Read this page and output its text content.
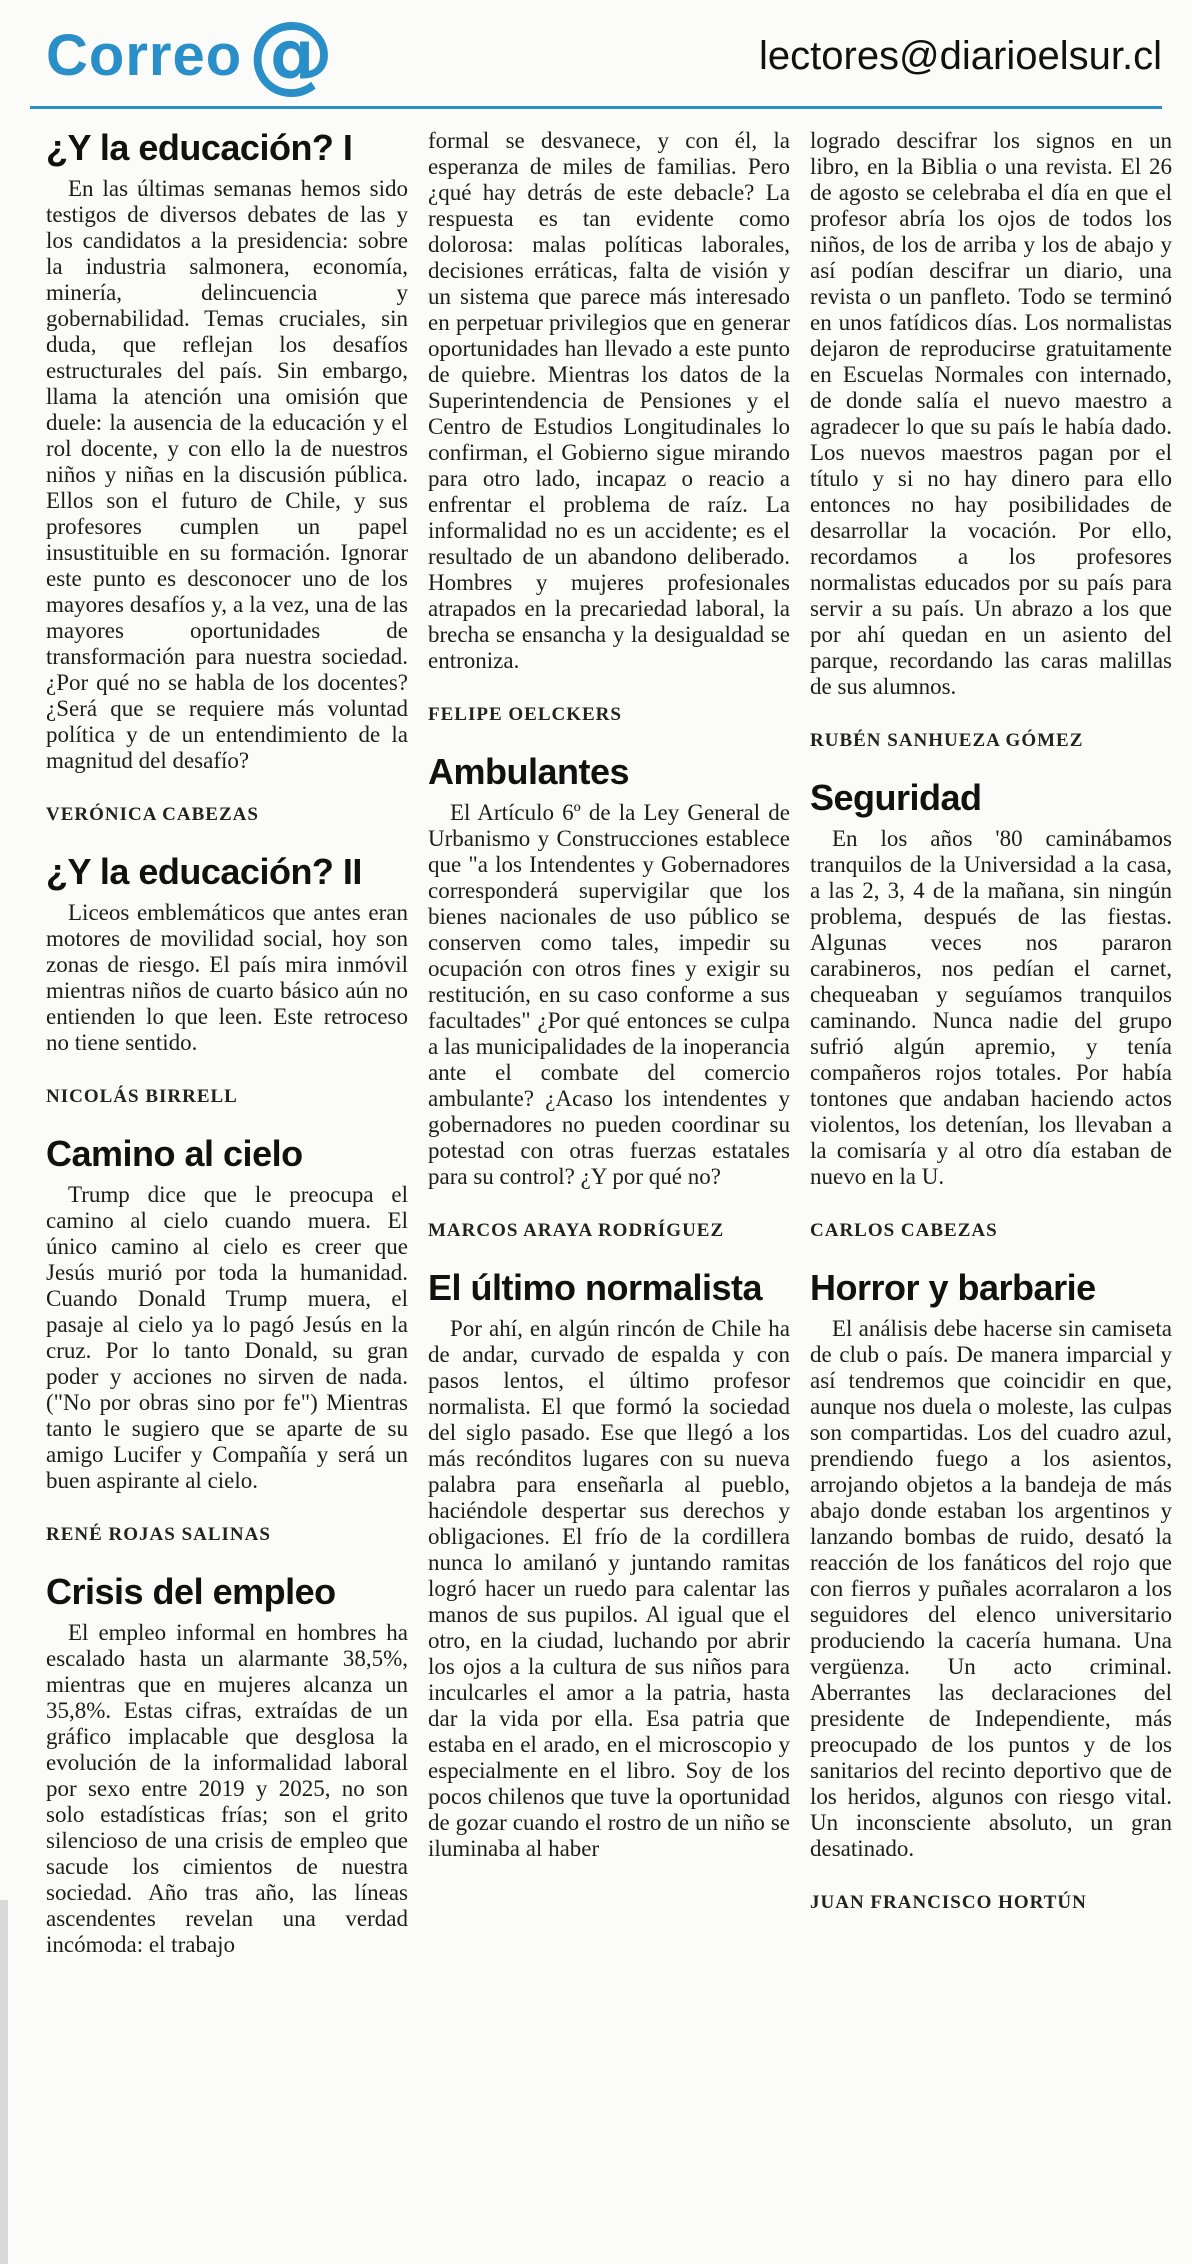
Correo @	lectores@diarioelsur.cl
¿Y la educación? I

En las últimas semanas hemos sido testigos de diversos debates de las y los candidatos a la presidencia: sobre la industria salmonera, economía, minería, delincuencia y gobernabilidad. Temas cruciales, sin duda, que reflejan los desafíos estructurales del país. Sin embargo, llama la atención una omisión que duele: la ausencia de la educación y el rol docente, y con ello la de nuestros niños y niñas en la discusión pública. Ellos son el futuro de Chile, y sus profesores cumplen un papel insustituible en su formación. Ignorar este punto es desconocer uno de los mayores desafíos y, a la vez, una de las mayores oportunidades de transformación para nuestra sociedad. ¿Por qué no se habla de los docentes? ¿Será que se requiere más voluntad política y de un entendimiento de la magnitud del desafío?

VERÓNICA CABEZAS
¿Y la educación? II

Liceos emblemáticos que antes eran motores de movilidad social, hoy son zonas de riesgo. El país mira inmóvil mientras niños de cuarto básico aún no entienden lo que leen. Este retroceso no tiene sentido.

NICOLÁS BIRRELL
Camino al cielo

Trump dice que le preocupa el camino al cielo cuando muera. El único camino al cielo es creer que Jesús murió por toda la humanidad. Cuando Donald Trump muera, el pasaje al cielo ya lo pagó Jesús en la cruz. Por lo tanto Donald, su gran poder y acciones no sirven de nada. ("No por obras sino por fe") Mientras tanto le sugiero que se aparte de su amigo Lucifer y Compañía y será un buen aspirante al cielo.

RENÉ ROJAS SALINAS
Crisis del empleo

El empleo informal en hombres ha escalado hasta un alarmante 38,5%, mientras que en mujeres alcanza un 35,8%. Estas cifras, extraídas de un gráfico implacable que desglosa la evolución de la informalidad laboral por sexo entre 2019 y 2025, no son solo estadísticas frías; son el grito silencioso de una crisis de empleo que sacude los cimientos de nuestra sociedad. Año tras año, las líneas ascendentes revelan una verdad incómoda: el trabajo

formal se desvanece, y con él, la esperanza de miles de familias. Pero ¿qué hay detrás de este debacle? La respuesta es tan evidente como dolorosa: malas políticas laborales, decisiones erráticas, falta de visión y un sistema que parece más interesado en perpetuar privilegios que en generar oportunidades han llevado a este punto de quiebre. Mientras los datos de la Superintendencia de Pensiones y el Centro de Estudios Longitudinales lo confirman, el Gobierno sigue mirando para otro lado, incapaz o reacio a enfrentar el problema de raíz. La informalidad no es un accidente; es el resultado de un abandono deliberado. Hombres y mujeres profesionales atrapados en la precariedad laboral, la brecha se ensancha y la desigualdad se entroniza.

FELIPE OELCKERS
Ambulantes

El Artículo 6º de la Ley General de Urbanismo y Construcciones establece que "a los Intendentes y Gobernadores corresponderá supervigilar que los bienes nacionales de uso público se conserven como tales, impedir su ocupación con otros fines y exigir su restitución, en su caso conforme a sus facultades" ¿Por qué entonces se culpa a las municipalidades de la inoperancia ante el combate del comercio ambulante? ¿Acaso los intendentes y gobernadores no pueden coordinar su potestad con otras fuerzas estatales para su control? ¿Y por qué no?

MARCOS ARAYA RODRÍGUEZ
El último normalista

Por ahí, en algún rincón de Chile ha de andar, curvado de espalda y con pasos lentos, el último profesor normalista. El que formó la sociedad del siglo pasado. Ese que llegó a los más recónditos lugares con su nueva palabra para enseñarla al pueblo, haciéndole despertar sus derechos y obligaciones. El frío de la cordillera nunca lo amilanó y juntando ramitas logró hacer un ruedo para calentar las manos de sus pupilos. Al igual que el otro, en la ciudad, luchando por abrir los ojos a la cultura de sus niños para inculcarles el amor a la patria, hasta dar la vida por ella. Esa patria que estaba en el arado, en el microscopio y especialmente en el libro. Soy de los pocos chilenos que tuve la oportunidad de gozar cuando el rostro de un niño se iluminaba al haber

logrado descifrar los signos en un libro, en la Biblia o una revista. El 26 de agosto se celebraba el día en que el profesor abría los ojos de todos los niños, de los de arriba y los de abajo y así podían descifrar un diario, una revista o un panfleto. Todo se terminó en unos fatídicos días. Los normalistas dejaron de reproducirse gratuitamente en Escuelas Normales con internado, de donde salía el nuevo maestro a agradecer lo que su país le había dado. Los nuevos maestros pagan por el título y si no hay dinero para ello entonces no hay posibilidades de desarrollar la vocación. Por ello, recordamos a los profesores normalistas educados por su país para servir a su país. Un abrazo a los que por ahí quedan en un asiento del parque, recordando las caras malillas de sus alumnos.

RUBÉN SANHUEZA GÓMEZ
Seguridad

En los años '80 caminábamos tranquilos de la Universidad a la casa, a las 2, 3, 4 de la mañana, sin ningún problema, después de las fiestas. Algunas veces nos pararon carabineros, nos pedían el carnet, chequeaban y seguíamos tranquilos caminando. Nunca nadie del grupo sufrió algún apremio, y tenía compañeros rojos totales. Por había tontones que andaban haciendo actos violentos, los detenían, los llevaban a la comisaría y al otro día estaban de nuevo en la U.

CARLOS CABEZAS
Horror y barbarie

El análisis debe hacerse sin camiseta de club o país. De manera imparcial y así tendremos que coincidir en que, aunque nos duela o moleste, las culpas son compartidas. Los del cuadro azul, prendiendo fuego a los asientos, arrojando objetos a la bandeja de más abajo donde estaban los argentinos y lanzando bombas de ruido, desató la reacción de los fanáticos del rojo que con fierros y puñales acorralaron a los seguidores del elenco universitario produciendo la cacería humana. Una vergüenza. Un acto criminal. Aberrantes las declaraciones del presidente de Independiente, más preocupado de los puntos y de los sanitarios del recinto deportivo que de los heridos, algunos con riesgo vital. Un inconsciente absoluto, un gran desatinado.

JUAN FRANCISCO HORTÚN
